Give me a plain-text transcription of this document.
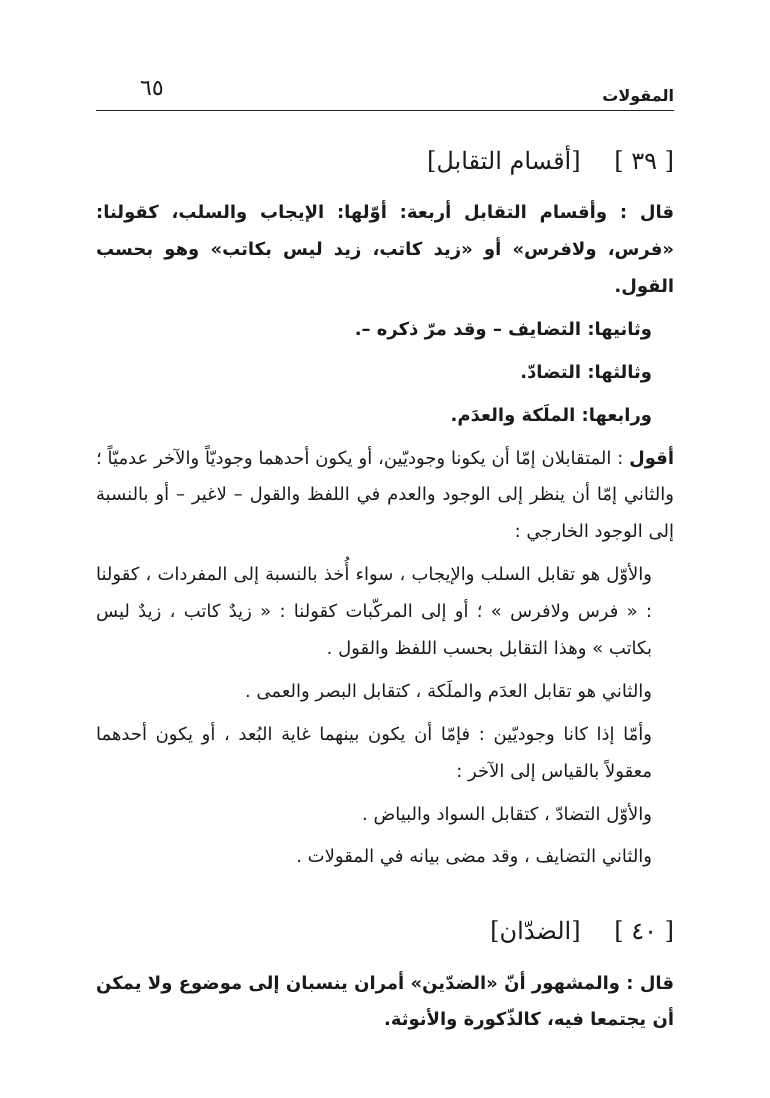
المقولات
٦٥
[ ٣٩ ] [أقسام التقابل]

قال : وأقسام التقابل أربعة: أوّلها: الإيجاب والسلب، كقولنا: «فرس، ولافرس» أو «زيد كاتب، زيد ليس بكاتب» وهو بحسب القول.

وثانيها: التضايف – وقد مرّ ذكره –.

وثالثها: التضادّ.

ورابعها: الملَكة والعدَم.

أقول : المتقابلان إمّا أن يكونا وجوديّين، أو يكون أحدهما وجوديّاً والآخر عدميّاً ؛ والثاني إمّا أن ينظر إلى الوجود والعدم في اللفظ والقول – لاغير – أو بالنسبة إلى الوجود الخارجي :

والأوّل هو تقابل السلب والإيجاب ، سواء أُخذ بالنسبة إلى المفردات ، كقولنا : « فرس ولافرس » ؛ أو إلى المركّبات كقولنا : « زيدٌ كاتب ، زيدٌ ليس بكاتب » وهذا التقابل بحسب اللفظ والقول .

والثاني هو تقابل العدَم والملَكة ، كتقابل البصر والعمى .

وأمّا إذا كانا وجوديّين : فإمّا أن يكون بينهما غاية البُعد ، أو يكون أحدهما معقولاً بالقياس إلى الآخر :

والأوّل التضادّ ، كتقابل السواد والبياض .

والثاني التضايف ، وقد مضى بيانه في المقولات .

[ ٤٠ ] [الضدّان]

قال : والمشهور أنّ «الضدّين» أمران ينسبان إلى موضوع ولا يمكن أن يجتمعا فيه، كالذّكورة والأنوثة.
